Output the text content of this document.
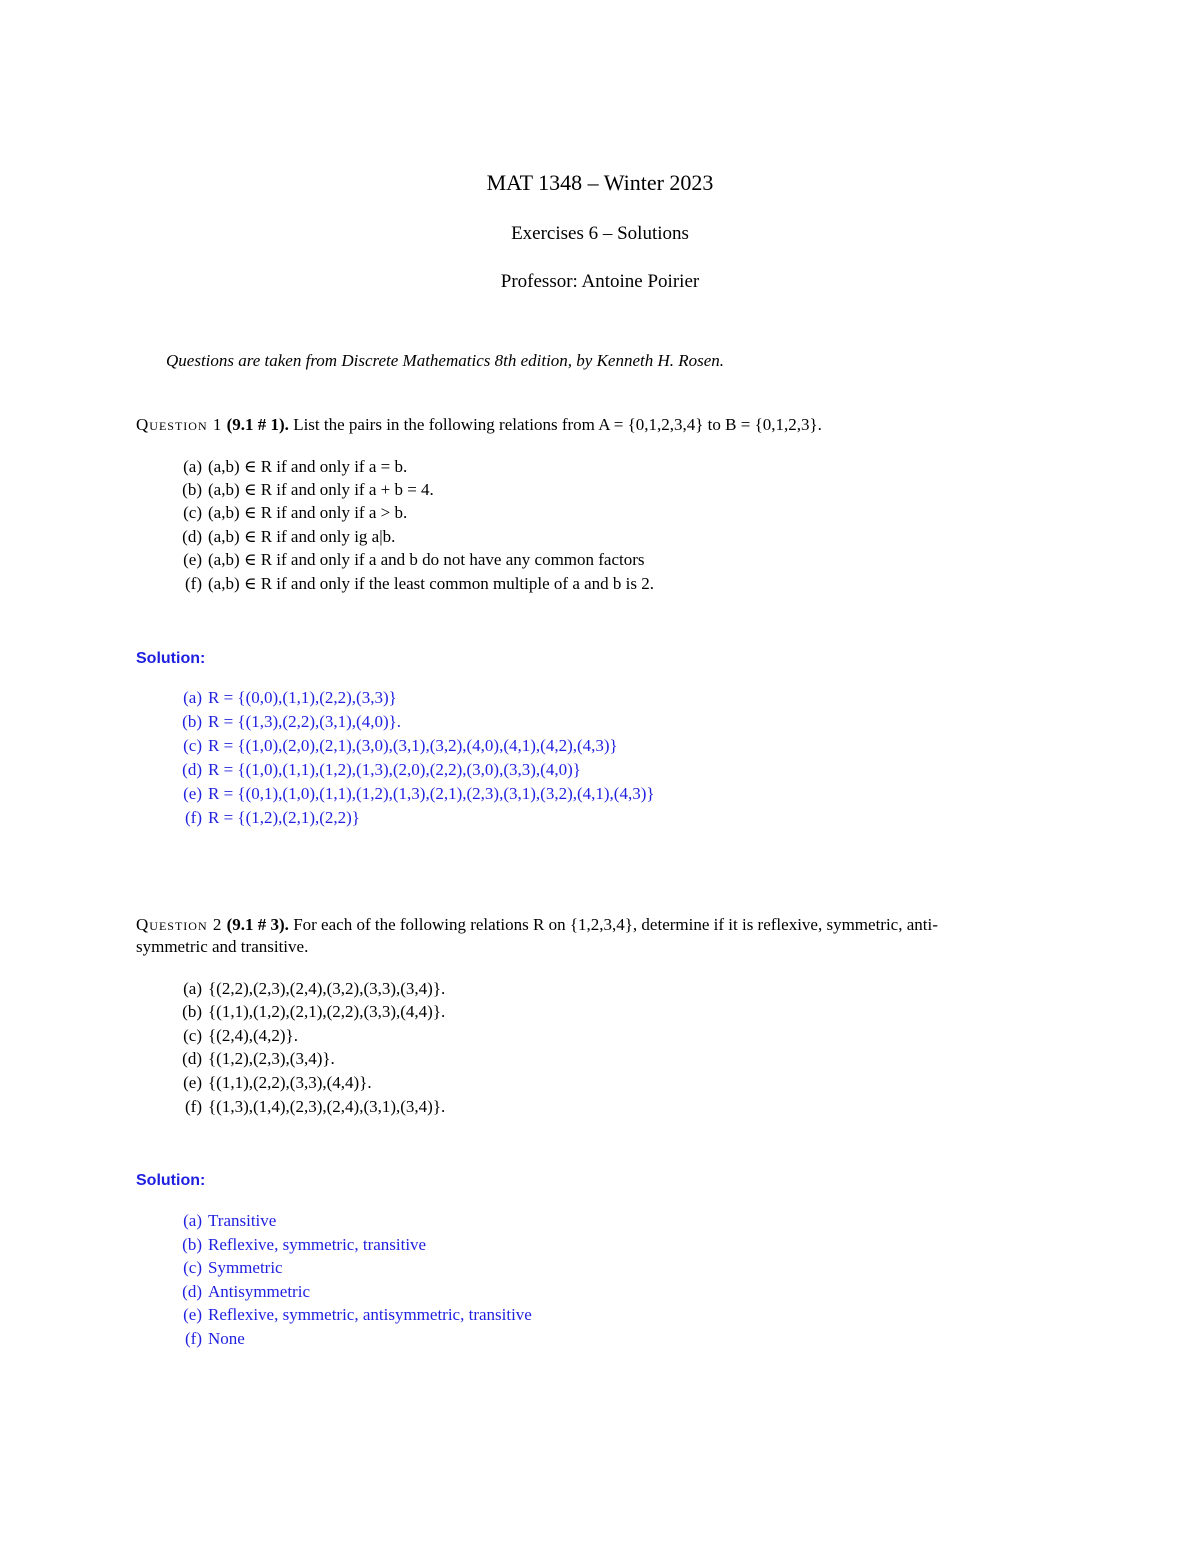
MAT 1348 – Winter 2023
Exercises 6 – Solutions
Professor: Antoine Poirier
Questions are taken from Discrete Mathematics 8th edition, by Kenneth H. Rosen.
Question 1 (9.1 # 1). List the pairs in the following relations from A = {0,1,2,3,4} to B = {0,1,2,3}.
(a) (a,b) ∈ R if and only if a = b.
(b) (a,b) ∈ R if and only if a + b = 4.
(c) (a,b) ∈ R if and only if a > b.
(d) (a,b) ∈ R if and only ig a|b.
(e) (a,b) ∈ R if and only if a and b do not have any common factors
(f) (a,b) ∈ R if and only if the least common multiple of a and b is 2.
Solution:
(a) R = {(0,0),(1,1),(2,2),(3,3)}
(b) R = {(1,3),(2,2),(3,1),(4,0)}.
(c) R = {(1,0),(2,0),(2,1),(3,0),(3,1),(3,2),(4,0),(4,1),(4,2),(4,3)}
(d) R = {(1,0),(1,1),(1,2),(1,3),(2,0),(2,2),(3,0),(3,3),(4,0)}
(e) R = {(0,1),(1,0),(1,1),(1,2),(1,3),(2,1),(2,3),(3,1),(3,2),(4,1),(4,3)}
(f) R = {(1,2),(2,1),(2,2)}
Question 2 (9.1 # 3). For each of the following relations R on {1,2,3,4}, determine if it is reflexive, symmetric, anti-
symmetric and transitive.
(a) {(2,2),(2,3),(2,4),(3,2),(3,3),(3,4)}.
(b) {(1,1),(1,2),(2,1),(2,2),(3,3),(4,4)}.
(c) {(2,4),(4,2)}.
(d) {(1,2),(2,3),(3,4)}.
(e) {(1,1),(2,2),(3,3),(4,4)}.
(f) {(1,3),(1,4),(2,3),(2,4),(3,1),(3,4)}.
Solution:
(a) Transitive
(b) Reflexive, symmetric, transitive
(c) Symmetric
(d) Antisymmetric
(e) Reflexive, symmetric, antisymmetric, transitive
(f) None
